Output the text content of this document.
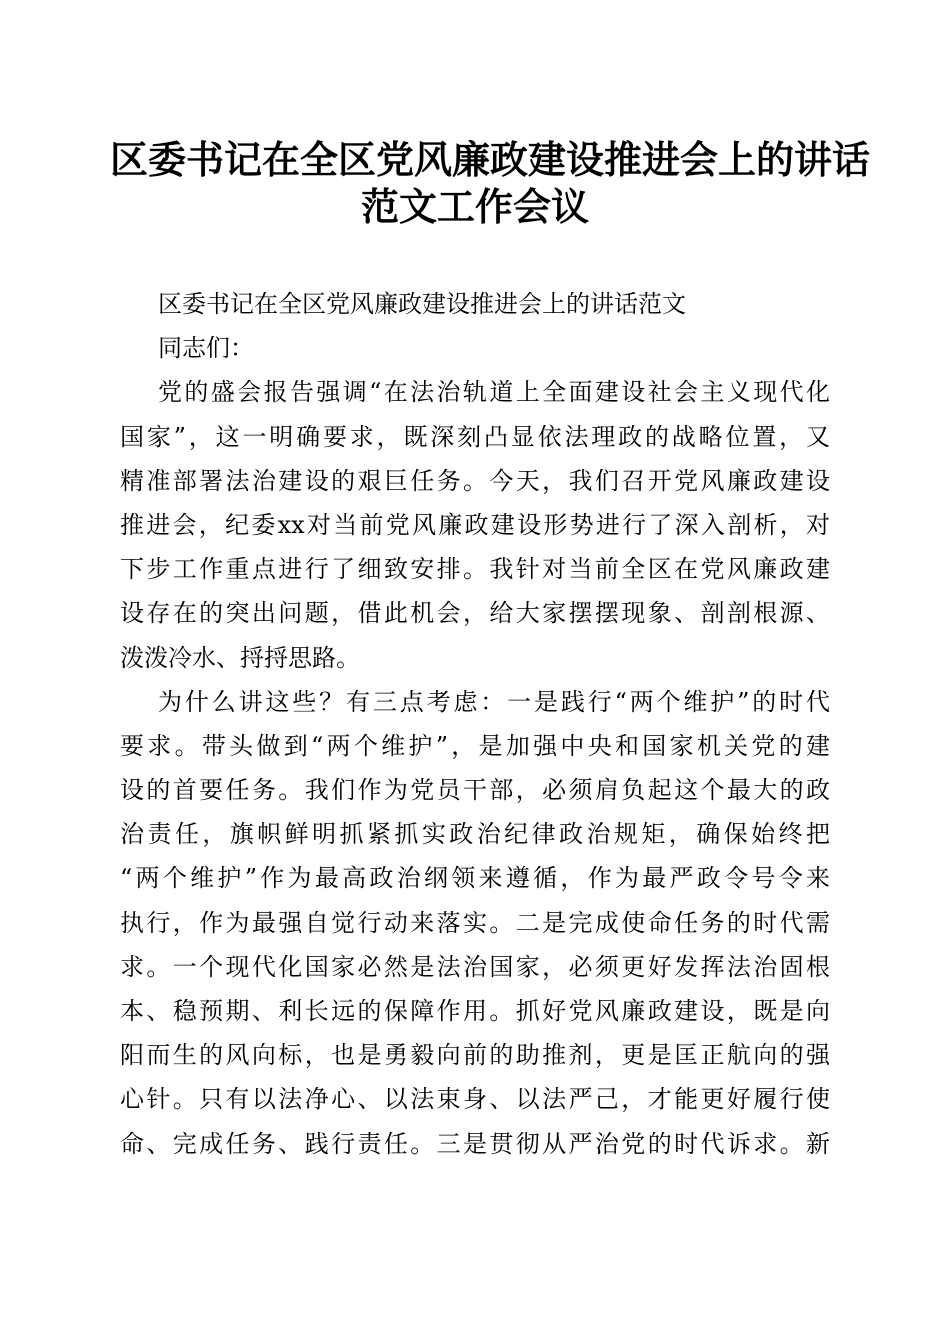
区委书记在全区党风廉政建设推进会上的讲话
范文工作会议
区委书记在全区党风廉政建设推进会上的讲话范文
同志们：
党的盛会报告强调“在法治轨道上全面建设社会主义现代化
国家”，这一明确要求，既深刻凸显依法理政的战略位置，又
精准部署法治建设的艰巨任务。今天，我们召开党风廉政建设
推进会，纪委xx对当前党风廉政建设形势进行了深入剖析，对
下步工作重点进行了细致安排。我针对当前全区在党风廉政建
设存在的突出问题，借此机会，给大家摆摆现象、剖剖根源、
泼泼冷水、捋捋思路。
为什么讲这些？有三点考虑：一是践行“两个维护”的时代
要求。带头做到“两个维护”，是加强中央和国家机关党的建
设的首要任务。我们作为党员干部，必须肩负起这个最大的政
治责任，旗帜鲜明抓紧抓实政治纪律政治规矩，确保始终把
“两个维护”作为最高政治纲领来遵循，作为最严政令号令来
执行，作为最强自觉行动来落实。二是完成使命任务的时代需
求。一个现代化国家必然是法治国家，必须更好发挥法治固根
本、稳预期、利长远的保障作用。抓好党风廉政建设，既是向
阳而生的风向标，也是勇毅向前的助推剂，更是匡正航向的强
心针。只有以法净心、以法束身、以法严己，才能更好履行使
命、完成任务、践行责任。三是贯彻从严治党的时代诉求。新
